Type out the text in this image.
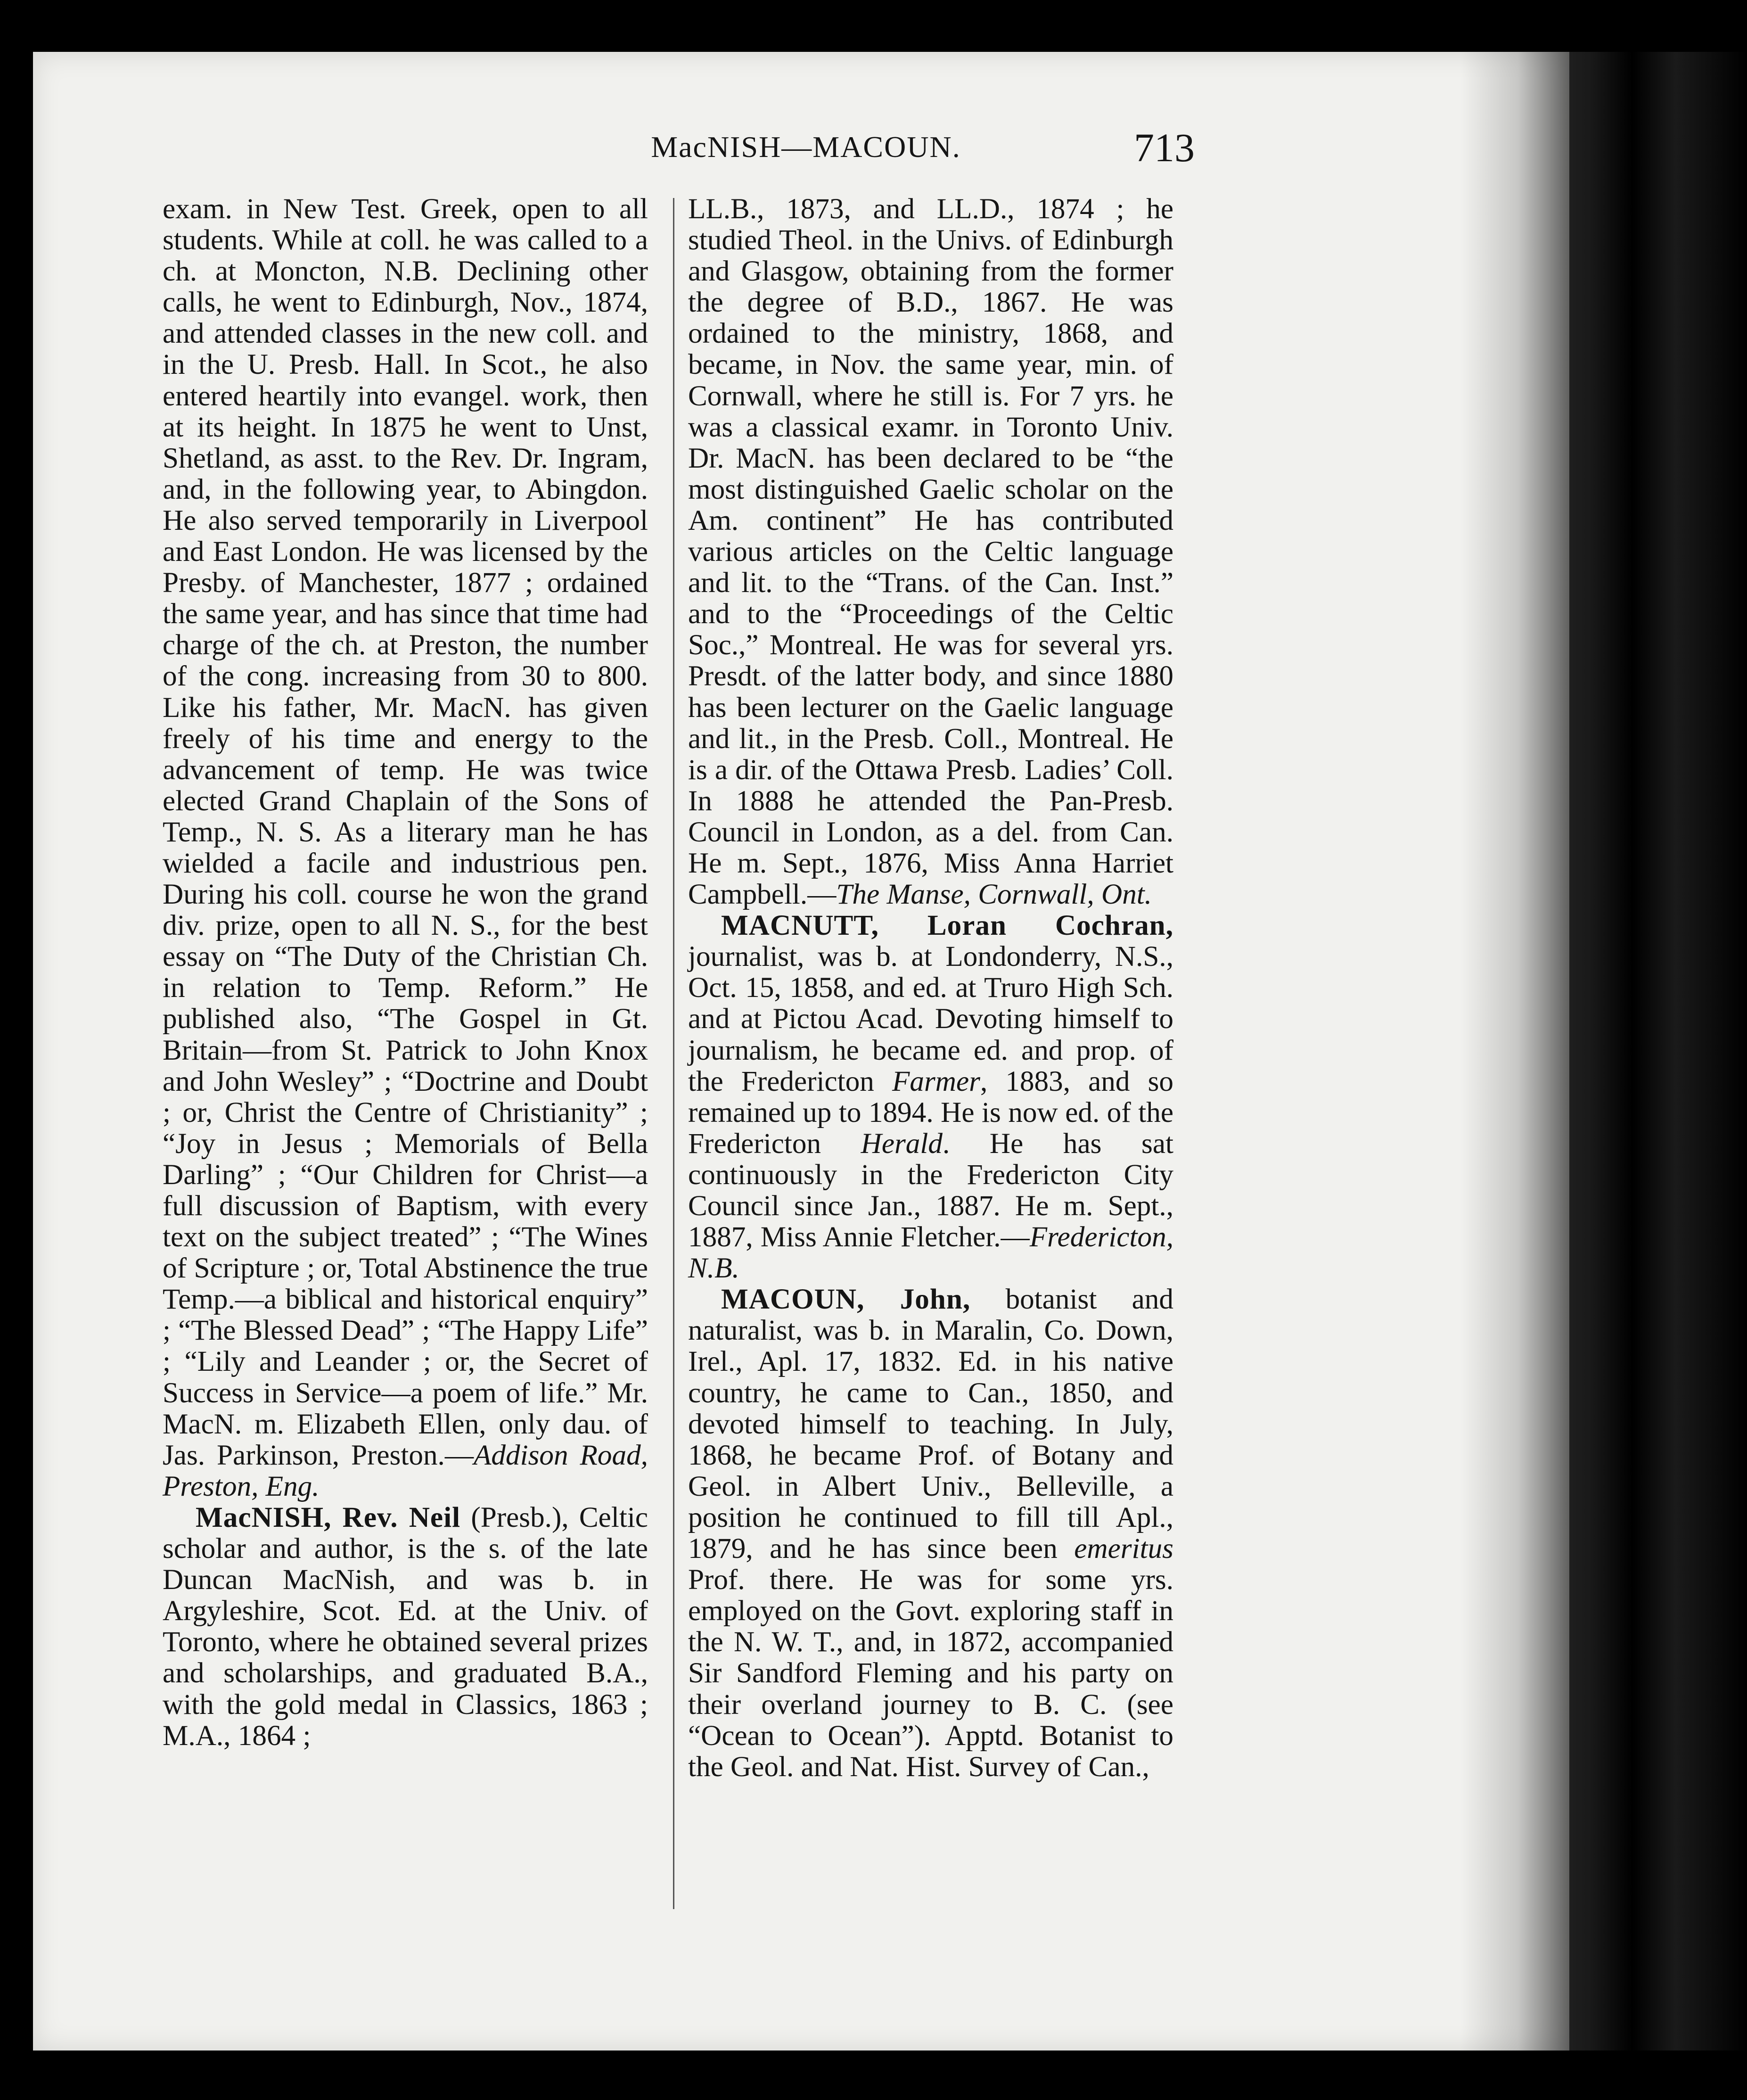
MacNISH—MACOUN.	713

exam. in New Test. Greek, open to all students. While at coll. he was called to a ch. at Moncton, N.B. Declining other calls, he went to Edinburgh, Nov., 1874, and attended classes in the new coll. and in the U. Presb. Hall. In Scot., he also entered heartily into evangel. work, then at its height. In 1875 he went to Unst, Shetland, as asst. to the Rev. Dr. Ingram, and, in the following year, to Abingdon. He also served temporarily in Liverpool and East London. He was licensed by the Presby. of Manchester, 1877 ; ordained the same year, and has since that time had charge of the ch. at Preston, the number of the cong. increasing from 30 to 800. Like his father, Mr. MacN. has given freely of his time and energy to the advancement of temp. He was twice elected Grand Chaplain of the Sons of Temp., N. S. As a literary man he has wielded a facile and industrious pen. During his coll. course he won the grand div. prize, open to all N. S., for the best essay on “The Duty of the Christian Ch. in relation to Temp. Reform.” He published also, “The Gospel in Gt. Britain—from St. Patrick to John Knox and John Wesley” ; “Doctrine and Doubt ; or, Christ the Centre of Christianity” ; “Joy in Jesus ; Memorials of Bella Darling” ; “Our Children for Christ—a full discussion of Baptism, with every text on the subject treated” ; “The Wines of Scripture ; or, Total Abstinence the true Temp.—a biblical and historical enquiry” ; “The Blessed Dead” ; “The Happy Life” ; “Lily and Leander ; or, the Secret of Success in Service—a poem of life.” Mr. MacN. m. Elizabeth Ellen, only dau. of Jas. Parkinson, Preston.—Addison Road, Preston, Eng.

MacNISH, Rev. Neil (Presb.), Celtic scholar and author, is the s. of the late Duncan MacNish, and was b. in Argyleshire, Scot. Ed. at the Univ. of Toronto, where he obtained several prizes and scholarships, and graduated B.A., with the gold medal in Classics, 1863 ; M.A., 1864 ;

LL.B., 1873, and LL.D., 1874 ; he studied Theol. in the Univs. of Edinburgh and Glasgow, obtaining from the former the degree of B.D., 1867. He was ordained to the ministry, 1868, and became, in Nov. the same year, min. of Cornwall, where he still is. For 7 yrs. he was a classical examr. in Toronto Univ. Dr. MacN. has been declared to be “the most distinguished Gaelic scholar on the Am. continent” He has contributed various articles on the Celtic language and lit. to the “Trans. of the Can. Inst.” and to the “Proceedings of the Celtic Soc.,” Montreal. He was for several yrs. Presdt. of the latter body, and since 1880 has been lecturer on the Gaelic language and lit., in the Presb. Coll., Montreal. He is a dir. of the Ottawa Presb. Ladies’ Coll. In 1888 he attended the Pan-Presb. Council in London, as a del. from Can. He m. Sept., 1876, Miss Anna Harriet Campbell.—The Manse, Cornwall, Ont.

MACNUTT, Loran Cochran, journalist, was b. at Londonderry, N.S., Oct. 15, 1858, and ed. at Truro High Sch. and at Pictou Acad. Devoting himself to journalism, he became ed. and prop. of the Fredericton Farmer, 1883, and so remained up to 1894. He is now ed. of the Fredericton Herald. He has sat continuously in the Fredericton City Council since Jan., 1887. He m. Sept., 1887, Miss Annie Fletcher.—Fredericton, N.B.

MACOUN, John, botanist and naturalist, was b. in Maralin, Co. Down, Irel., Apl. 17, 1832. Ed. in his native country, he came to Can., 1850, and devoted himself to teaching. In July, 1868, he became Prof. of Botany and Geol. in Albert Univ., Belleville, a position he continued to fill till Apl., 1879, and he has since been emeritus Prof. there. He was for some yrs. employed on the Govt. exploring staff in the N. W. T., and, in 1872, accompanied Sir Sandford Fleming and his party on their overland journey to B. C. (see “Ocean to Ocean”). Apptd. Botanist to the Geol. and Nat. Hist. Survey of Can.,
